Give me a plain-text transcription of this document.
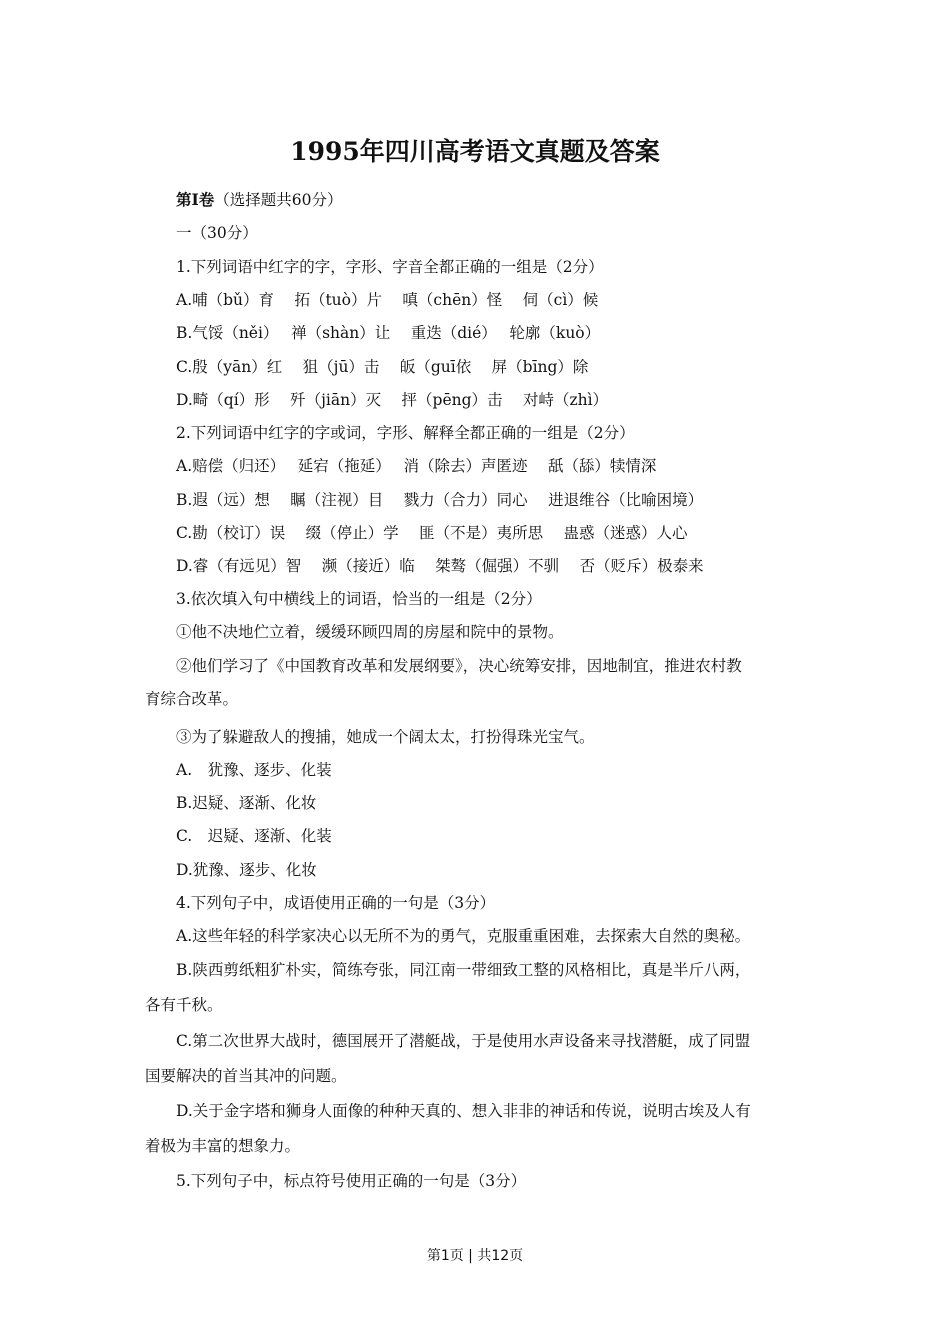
1995年四川高考语文真题及答案
第Ⅰ卷（选择题共60分）
一（30分）
1.下列词语中红字的字，字形、字音全都正确的一组是（2分）
A.哺（bǔ）育　 拓（tuò）片　 嗔（chēn）怪　 伺（cì）候
B.气馁（něi）　 禅（shàn）让　 重迭（dié）　 轮廓（kuò）
C.殷（yān）红　 狙（jū）击　 皈（guī依　 屏（bīng）除
D.畸（qí）形　 歼（jiān）灭　 抨（pēng）击　 对峙（zhì）
2.下列词语中红字的字或词，字形、解释全都正确的一组是（2分）
A.赔偿（归还）　 延宕（拖延）　 消（除去）声匿迹　 舐（舔）犊情深
B.遐（远）想　 瞩（注视）目　 戮力（合力）同心　 进退维谷（比喻困境）
C.勘（校订）误　 缀（停止）学　 匪（不是）夷所思　 蛊惑（迷惑）人心
D.睿（有远见）智　 濒（接近）临　 桀骜（倔强）不驯　 否（贬斥）极泰来
3.依次填入句中横线上的词语，恰当的一组是（2分）
①他不决地伫立着，缓缓环顾四周的房屋和院中的景物。
②他们学习了《中国教育改革和发展纲要》，决心统筹安排，因地制宜，推进农村教
育综合改革。
③为了躲避敌人的搜捕，她成一个阔太太，打扮得珠光宝气。
A.　犹豫、逐步、化装
B.迟疑、逐渐、化妆
C.　迟疑、逐渐、化装
D.犹豫、逐步、化妆
4.下列句子中，成语使用正确的一句是（3分）
A.这些年轻的科学家决心以无所不为的勇气，克服重重困难，去探索大自然的奥秘。
B.陕西剪纸粗犷朴实，简练夸张，同江南一带细致工整的风格相比，真是半斤八两，
各有千秋。
C.第二次世界大战时，德国展开了潜艇战，于是使用水声设备来寻找潜艇，成了同盟
国要解决的首当其冲的问题。
D.关于金字塔和狮身人面像的种种天真的、想入非非的神话和传说，说明古埃及人有
着极为丰富的想象力。
5.下列句子中，标点符号使用正确的一句是（3分）
第1页 | 共12页
